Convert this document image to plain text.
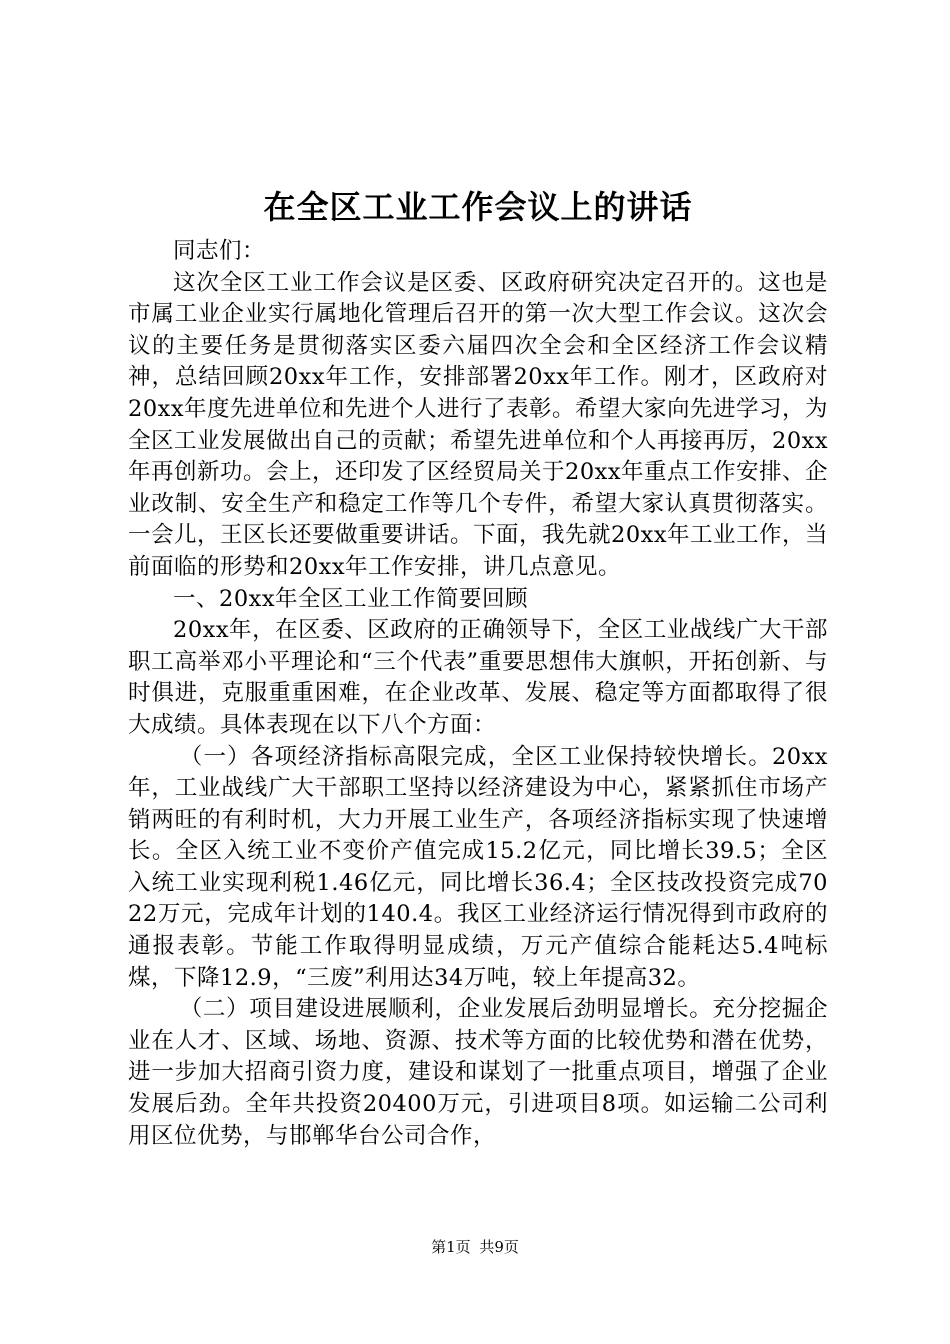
在全区工业工作会议上的讲话

同志们：

这次全区工业工作会议是区委、区政府研究决定召开的。这也是市属工业企业实行属地化管理后召开的第一次大型工作会议。这次会议的主要任务是贯彻落实区委六届四次全会和全区经济工作会议精神，总结回顾20xx年工作，安排部署20xx年工作。刚才，区政府对20xx年度先进单位和先进个人进行了表彰。希望大家向先进学习，为全区工业发展做出自己的贡献；希望先进单位和个人再接再厉，20xx年再创新功。会上，还印发了区经贸局关于20xx年重点工作安排、企业改制、安全生产和稳定工作等几个专件，希望大家认真贯彻落实。一会儿，王区长还要做重要讲话。下面，我先就20xx年工业工作，当前面临的形势和20xx年工作安排，讲几点意见。

一、20xx年全区工业工作简要回顾

20xx年，在区委、区政府的正确领导下，全区工业战线广大干部职工高举邓小平理论和“三个代表”重要思想伟大旗帜，开拓创新、与时俱进，克服重重困难，在企业改革、发展、稳定等方面都取得了很大成绩。具体表现在以下八个方面：

（一）各项经济指标高限完成，全区工业保持较快增长。20xx年，工业战线广大干部职工坚持以经济建设为中心，紧紧抓住市场产销两旺的有利时机，大力开展工业生产，各项经济指标实现了快速增长。全区入统工业不变价产值完成15.2亿元，同比增长39.5；全区入统工业实现利税1.46亿元，同比增长36.4；全区技改投资完成7022万元，完成年计划的140.4。我区工业经济运行情况得到市政府的通报表彰。节能工作取得明显成绩，万元产值综合能耗达5.4吨标煤，下降12.9，“三废”利用达34万吨，较上年提高32。

（二）项目建设进展顺利，企业发展后劲明显增长。充分挖掘企业在人才、区域、场地、资源、技术等方面的比较优势和潜在优势，进一步加大招商引资力度，建设和谋划了一批重点项目，增强了企业发展后劲。全年共投资20400万元，引进项目8项。如运输二公司利用区位优势，与邯郸华台公司合作，

第1页 共9页
